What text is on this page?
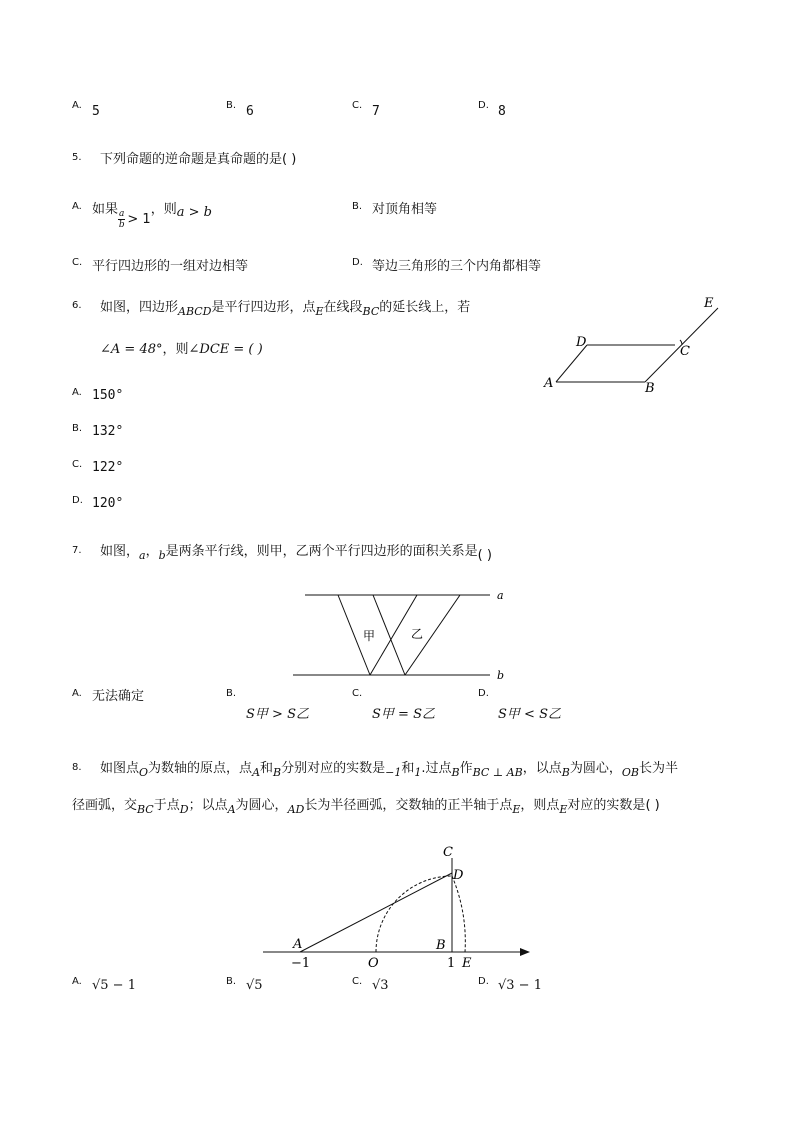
A. 5	B. 6	C. 7	D. 8
5. 下列命题的逆命题是真命题的是( )
A. 如果 $\frac{a}{b} > 1$，则a > b	B. 对顶角相等
C. 平行四边形的一组对边相等	D. 等边三角形的三个内角都相等
6. 如图，四边形$_{ABCD}$是平行四边形，点$_E$在线段$_{BC}$的延长线上，若
∠A = 48°，则∠DCE = ( )
A. 150°
B. 132°
C. 122°
D. 120°
A	B
C
D
E
7. 如图，$_a$，$_b$是两条平行线，则甲，乙两个平行四边形的面积关系是( )
a
b
甲	乙
A. 无法确定	B.
S甲 > S乙
C.
S甲 = S乙
D.
S甲 < S乙
8. 如图点$_O$为数轴的原点，点$_A$和$_B$分别对应的实数是$_{-1}$和$_1$.过点$_B$作$_{BC \perp AB}$，以点$_B$为圆心，$_{OB}$长为半
径画弧，交$_{BC}$于点$_D$；以点$_A$为圆心，$_{AD}$长为半径画弧，交数轴的正半轴于点$_E$，则点$_E$对应的实数是( )
C
D
A	B
O	E
−1	1
A. √5 − 1	B. √5	C. √3	D. √3 − 1
